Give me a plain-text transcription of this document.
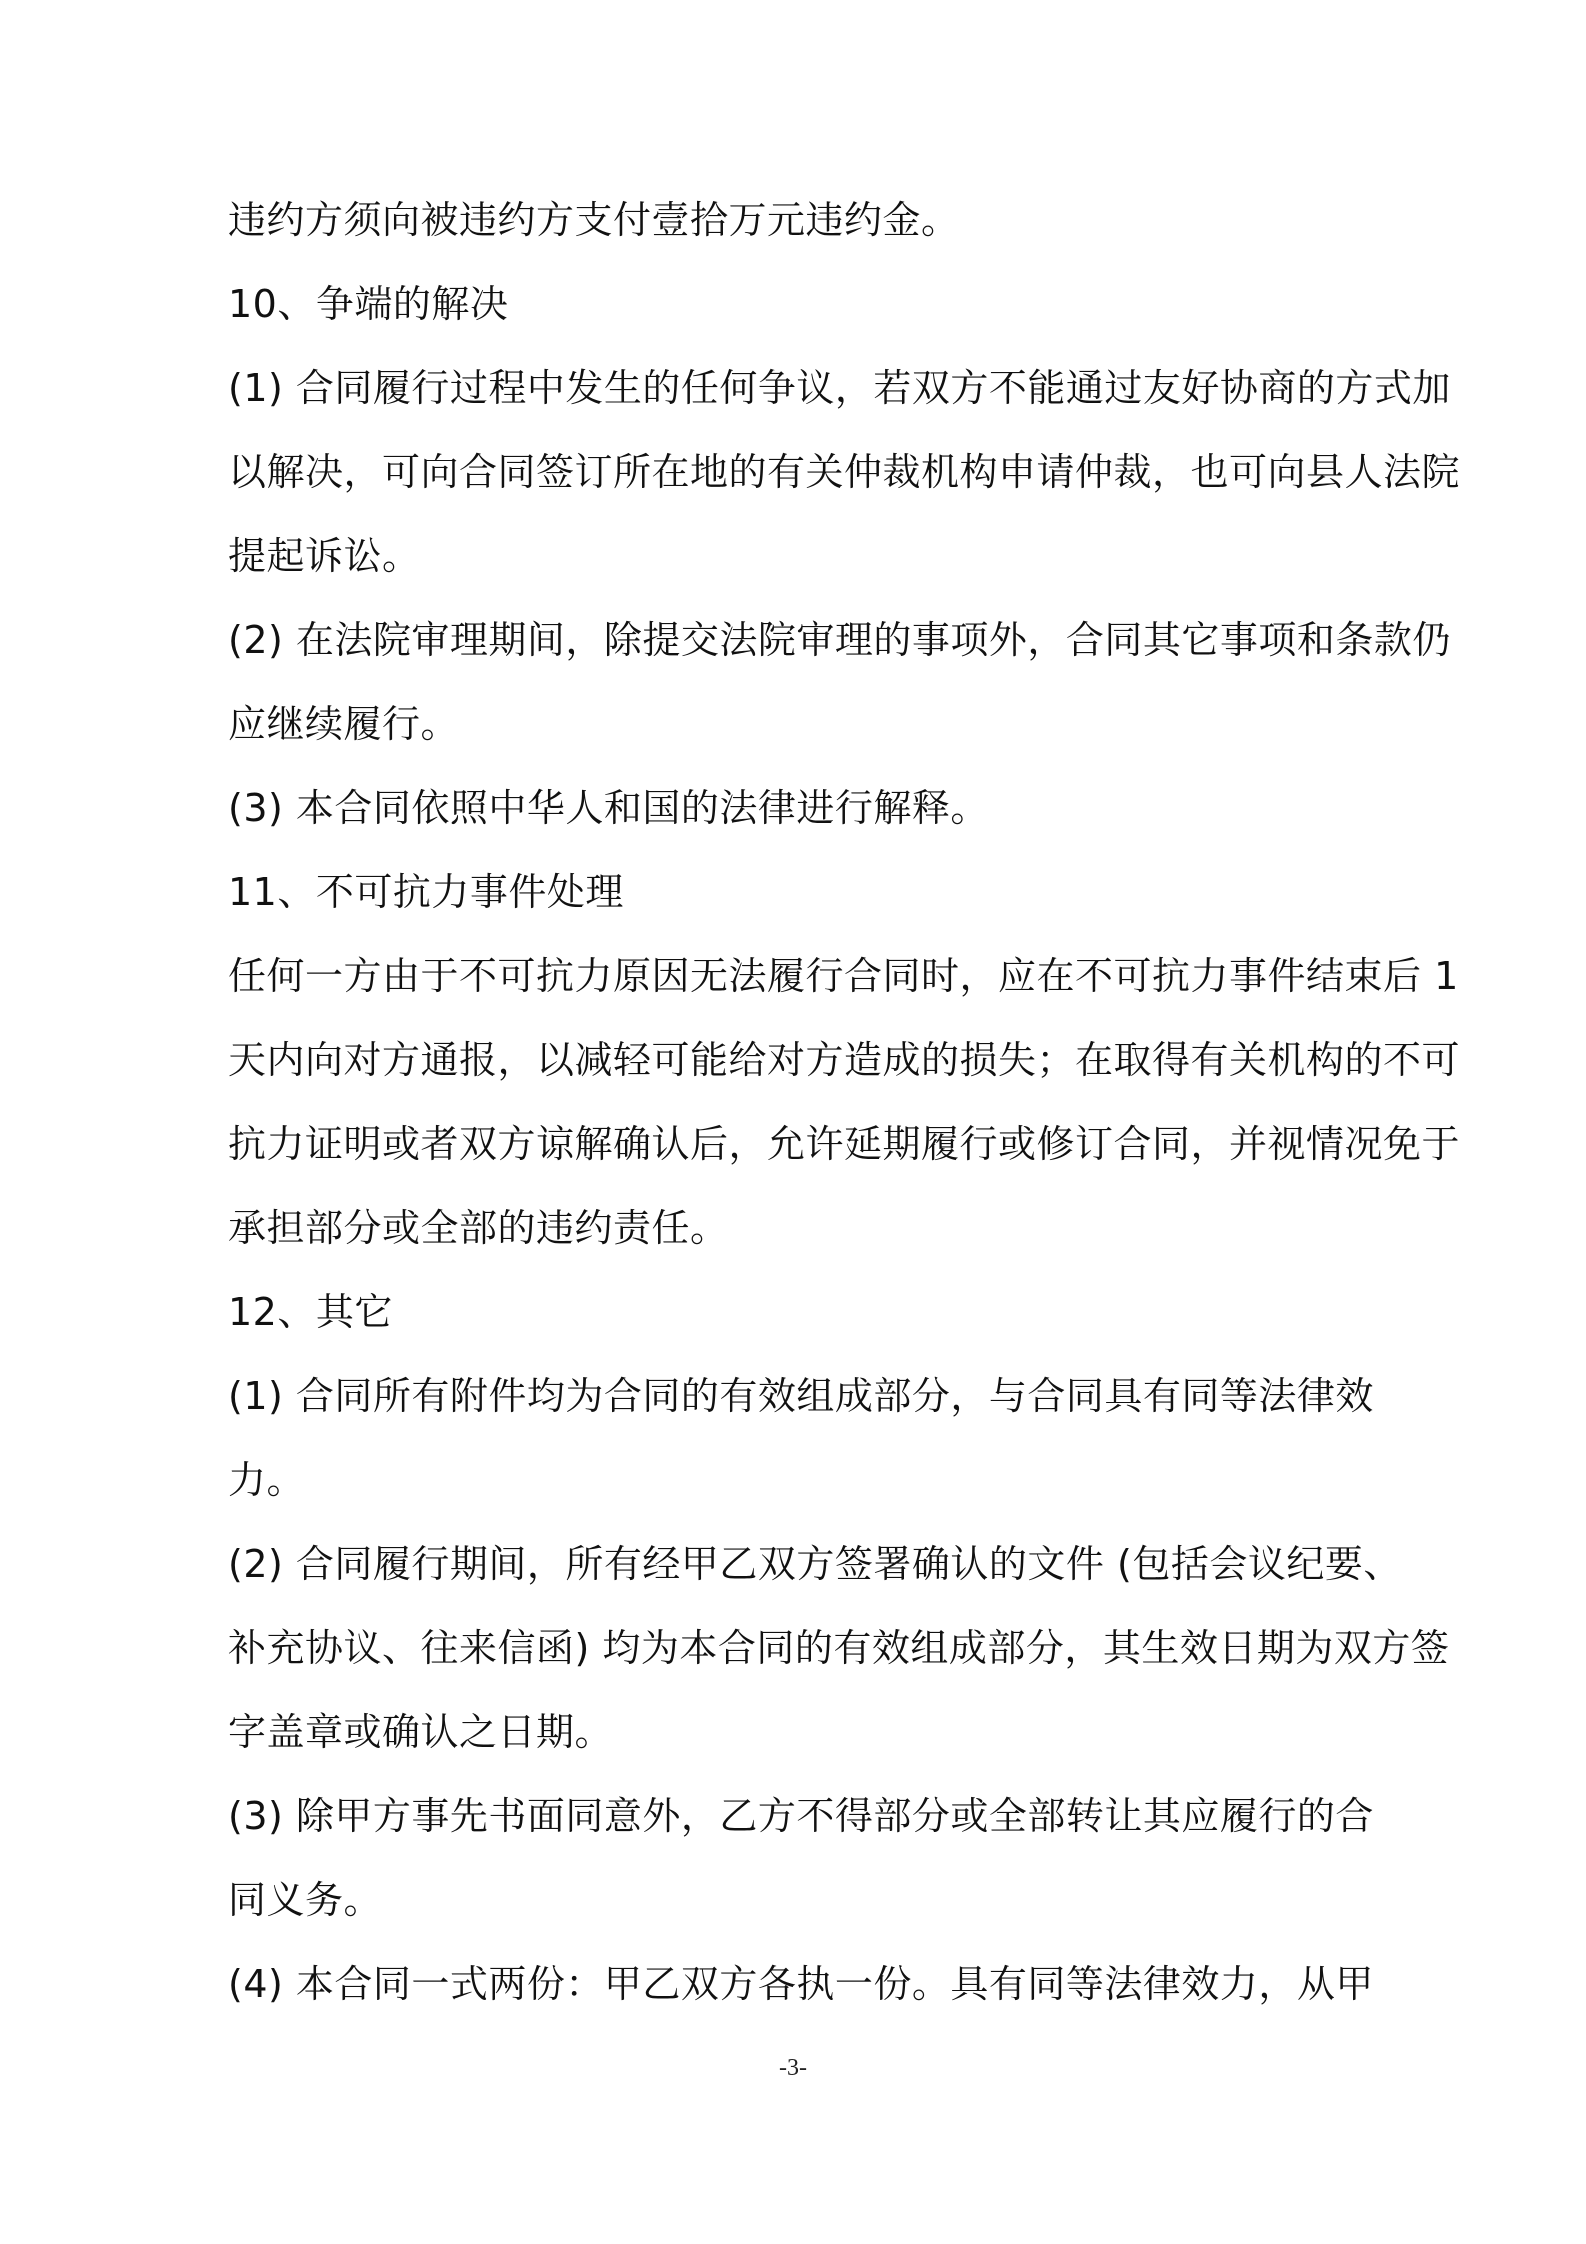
违约方须向被违约方支付壹拾万元违约金。
10、争端的解决
(1) 合同履行过程中发生的任何争议，若双方不能通过友好协商的方式加
以解决，可向合同签订所在地的有关仲裁机构申请仲裁，也可向县人法院
提起诉讼。
(2) 在法院审理期间，除提交法院审理的事项外，合同其它事项和条款仍
应继续履行。
(3) 本合同依照中华人和国的法律进行解释。
11、不可抗力事件处理
任何一方由于不可抗力原因无法履行合同时，应在不可抗力事件结束后 1
天内向对方通报，以减轻可能给对方造成的损失；在取得有关机构的不可
抗力证明或者双方谅解确认后，允许延期履行或修订合同，并视情况免于
承担部分或全部的违约责任。
12、其它
(1) 合同所有附件均为合同的有效组成部分，与合同具有同等法律效
力。
(2) 合同履行期间，所有经甲乙双方签署确认的文件 (包括会议纪要、
补充协议、往来信函) 均为本合同的有效组成部分，其生效日期为双方签
字盖章或确认之日期。
(3) 除甲方事先书面同意外，乙方不得部分或全部转让其应履行的合
同义务。
(4) 本合同一式两份：甲乙双方各执一份。具有同等法律效力，从甲
-3-
